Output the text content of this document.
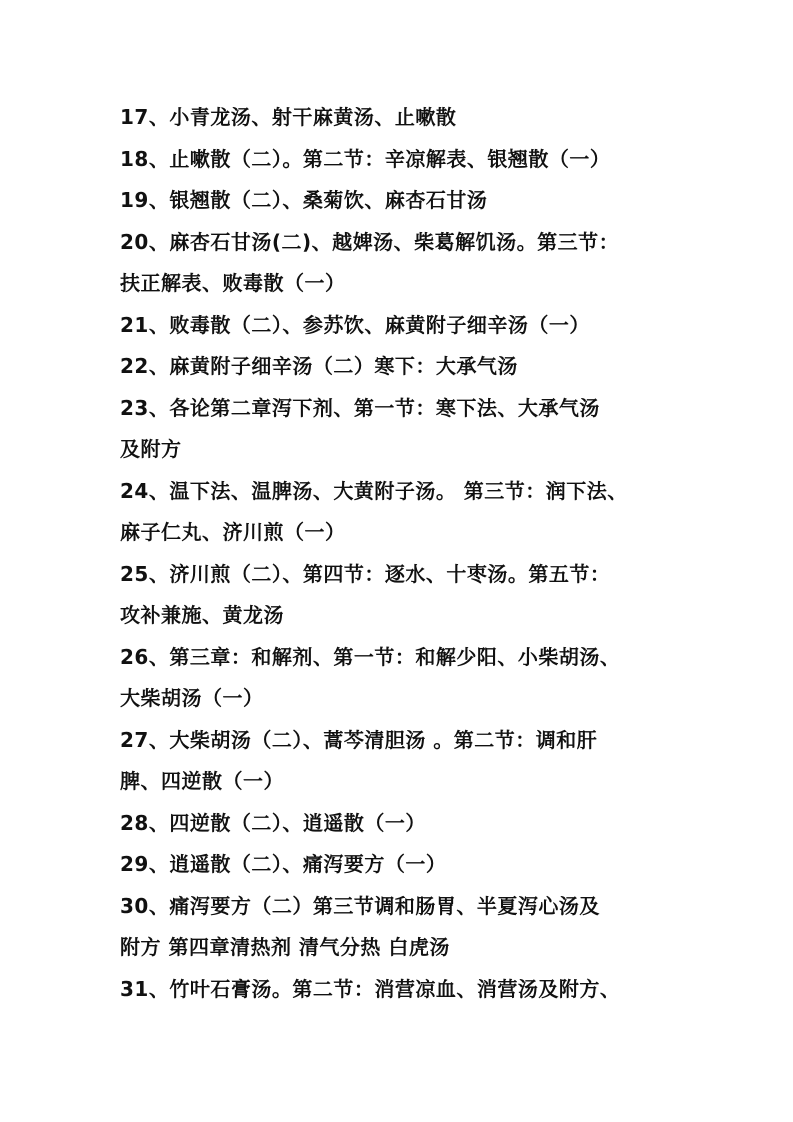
17、小青龙汤、射干麻黄汤、止嗽散
18、止嗽散（二）。第二节：辛凉解表、银翘散（一）
19、银翘散（二）、桑菊饮、麻杏石甘汤
20、麻杏石甘汤(二)、越婢汤、柴葛解饥汤。第三节：
扶正解表、败毒散（一）
21、败毒散（二）、参苏饮、麻黄附子细辛汤（一）
22、麻黄附子细辛汤（二）寒下：大承气汤
23、各论第二章泻下剂、第一节：寒下法、大承气汤
及附方
24、温下法、温脾汤、大黄附子汤。 第三节：润下法、
麻子仁丸、济川煎（一）
25、济川煎（二）、第四节：逐水、十枣汤。第五节：
攻补兼施、黄龙汤
26、第三章：和解剂、第一节：和解少阳、小柴胡汤、
大柴胡汤（一）
27、大柴胡汤（二）、蒿芩清胆汤 。第二节：调和肝
脾、四逆散（一）
28、四逆散（二）、逍遥散（一）
29、逍遥散（二）、痛泻要方（一）
30、痛泻要方（二）第三节调和肠胃、半夏泻心汤及
附方 第四章清热剂 清气分热 白虎汤
31、竹叶石膏汤。第二节：消营凉血、消营汤及附方、
